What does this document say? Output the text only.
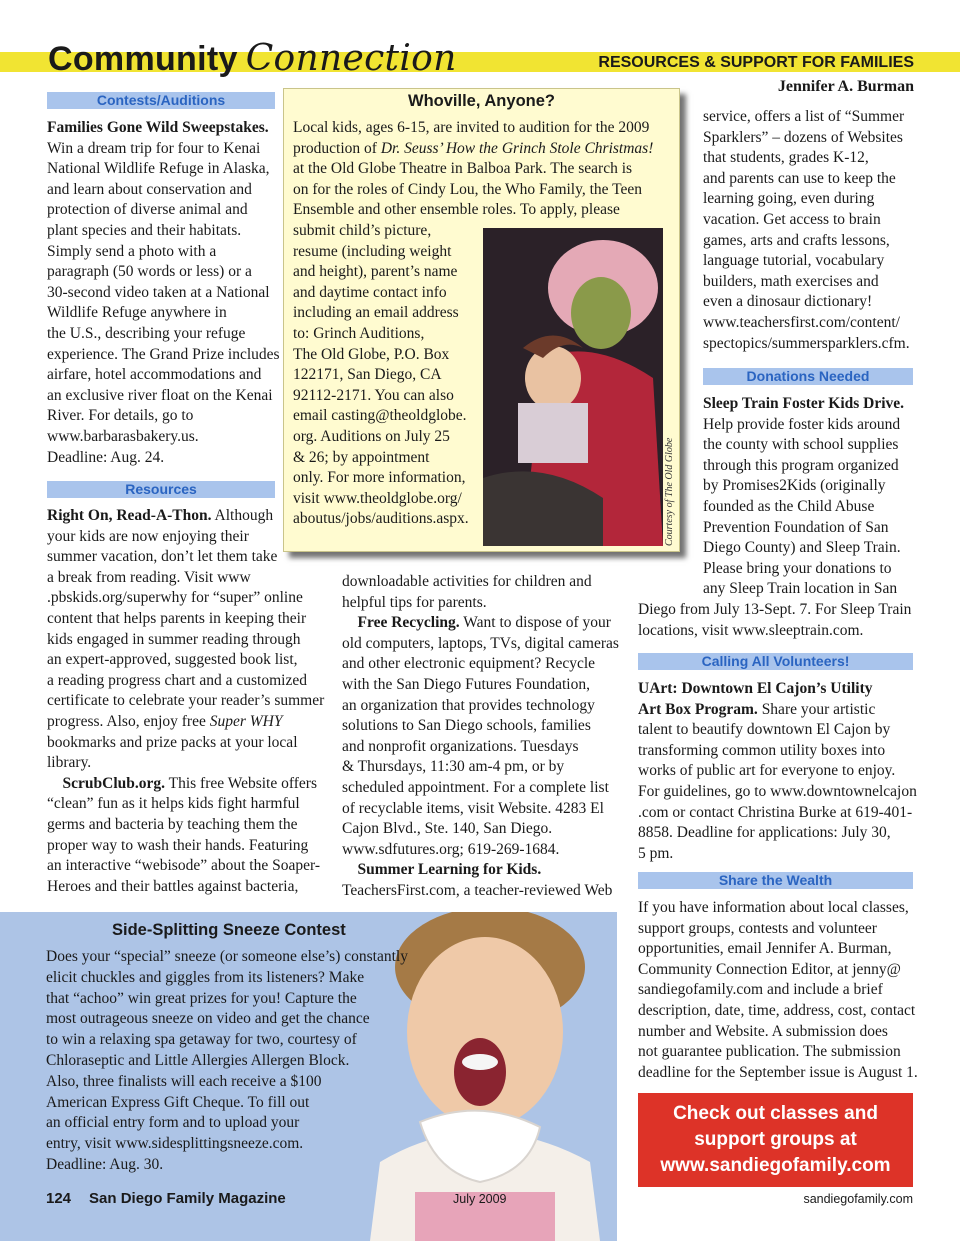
Community Connection	RESOURCES & SUPPORT FOR FAMILIES
Jennifer A. Burman
Contests/Auditions
Families Gone Wild Sweepstakes.
Win a dream trip for four to Kenai
National Wildlife Refuge in Alaska,
and learn about conservation and
protection of diverse animal and
plant species and their habitats.
Simply send a photo with a
paragraph (50 words or less) or a
30-second video taken at a National
Wildlife Refuge anywhere in
the U.S., describing your refuge
experience. The Grand Prize includes
airfare, hotel accommodations and
an exclusive river float on the Kenai
River. For details, go to
www.barbarasbakery.us.
Deadline: Aug. 24.
Resources
Right On, Read-A-Thon. Although
your kids are now enjoying their
summer vacation, don’t let them take
a break from reading. Visit www
.pbskids.org/superwhy for “super” online
content that helps parents in keeping their
kids engaged in summer reading through
an expert-approved, suggested book list,
a reading progress chart and a customized
certificate to celebrate your reader’s summer
progress. Also, enjoy free Super WHY
bookmarks and prize packs at your local
library.
ScrubClub.org. This free Website offers
“clean” fun as it helps kids fight harmful
germs and bacteria by teaching them the
proper way to wash their hands. Featuring
an interactive “webisode” about the Soaper-
Heroes and their battles against bacteria,
Whoville, Anyone?
Local kids, ages 6-15, are invited to audition for the 2009
production of Dr. Seuss’ How the Grinch Stole Christmas!
at the Old Globe Theatre in Balboa Park. The search is
on for the roles of Cindy Lou, the Who Family, the Teen
Ensemble and other ensemble roles. To apply, please
submit child’s picture,
resume (including weight
and height), parent’s name
and daytime contact info
including an email address
to: Grinch Auditions,
The Old Globe, P.O. Box
122171, San Diego, CA
92112-2171. You can also
email casting@theoldglobe.
org. Auditions on July 25
& 26; by appointment
only. For more information,
visit www.theoldglobe.org/
aboutus/jobs/auditions.aspx.	Courtesy of The Old Globe
downloadable activities for children and
helpful tips for parents.
Free Recycling. Want to dispose of your
old computers, laptops, TVs, digital cameras
and other electronic equipment? Recycle
with the San Diego Futures Foundation,
an organization that provides technology
solutions to San Diego schools, families
and nonprofit organizations. Tuesdays
& Thursdays, 11:30 am-4 pm, or by
scheduled appointment. For a complete list
of recyclable items, visit Website. 4283 El
Cajon Blvd., Ste. 140, San Diego.
www.sdfutures.org; 619-269-1684.
Summer Learning for Kids.
TeachersFirst.com, a teacher-reviewed Web
service, offers a list of “Summer
Sparklers” – dozens of Websites
that students, grades K-12,
and parents can use to keep the
learning going, even during
vacation. Get access to brain
games, arts and crafts lessons,
language tutorial, vocabulary
builders, math exercises and
even a dinosaur dictionary!
www.teachersfirst.com/content/
spectopics/summersparklers.cfm.
Donations Needed
Sleep Train Foster Kids Drive.
Help provide foster kids around
the county with school supplies
through this program organized
by Promises2Kids (originally
founded as the Child Abuse
Prevention Foundation of San
Diego County) and Sleep Train.
Please bring your donations to
any Sleep Train location in San
Diego from July 13-Sept. 7. For Sleep Train
locations, visit www.sleeptrain.com.
Calling All Volunteers!
UArt: Downtown El Cajon’s Utility
Art Box Program. Share your artistic
talent to beautify downtown El Cajon by
transforming common utility boxes into
works of public art for everyone to enjoy.
For guidelines, go to www.downtownelcajon
.com or contact Christina Burke at 619-401-
8858. Deadline for applications: July 30,
5 pm.
Share the Wealth
If you have information about local classes,
support groups, contests and volunteer
opportunities, email Jennifer A. Burman,
Community Connection Editor, at jenny@
sandiegofamily.com and include a brief
description, date, time, address, cost, contact
number and Website. A submission does
not guarantee publication. The submission
deadline for the September issue is August 1.
Check out classes and
support groups at
www.sandiegofamily.com
Side-Splitting Sneeze Contest
Does your “special” sneeze (or someone else’s) constantly
elicit chuckles and giggles from its listeners? Make
that “achoo” win great prizes for you! Capture the
most outrageous sneeze on video and get the chance
to win a relaxing spa getaway for two, courtesy of
Chloraseptic and Little Allergies Allergen Block.
Also, three finalists will each receive a $100
American Express Gift Cheque. To fill out
an official entry form and to upload your
entry, visit www.sidesplittingsneeze.com.
Deadline: Aug. 30.
124 San Diego Family Magazine	July 2009	sandiegofamily.com
